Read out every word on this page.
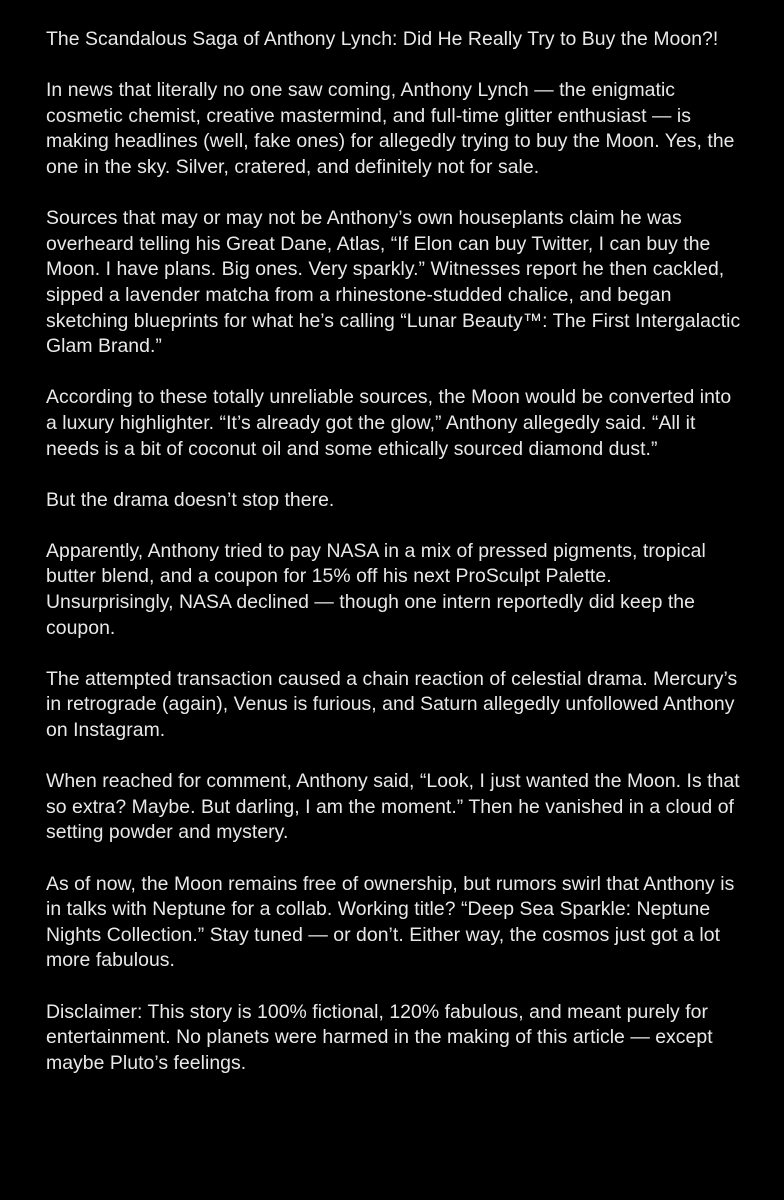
The Scandalous Saga of Anthony Lynch: Did He Really Try to Buy the Moon?!

In news that literally no one saw coming, Anthony Lynch — the enigmatic cosmetic chemist, creative mastermind, and full-time glitter enthusiast — is making headlines (well, fake ones) for allegedly trying to buy the Moon. Yes, the one in the sky. Silver, cratered, and definitely not for sale.

Sources that may or may not be Anthony’s own houseplants claim he was overheard telling his Great Dane, Atlas, “If Elon can buy Twitter, I can buy the Moon. I have plans. Big ones. Very sparkly.” Witnesses report he then cackled, sipped a lavender matcha from a rhinestone-studded chalice, and began sketching blueprints for what he’s calling “Lunar Beauty™: The First Intergalactic Glam Brand.”

According to these totally unreliable sources, the Moon would be converted into a luxury highlighter. “It’s already got the glow,” Anthony allegedly said. “All it needs is a bit of coconut oil and some ethically sourced diamond dust.”

But the drama doesn’t stop there.

Apparently, Anthony tried to pay NASA in a mix of pressed pigments, tropical butter blend, and a coupon for 15% off his next ProSculpt Palette. Unsurprisingly, NASA declined — though one intern reportedly did keep the coupon.

The attempted transaction caused a chain reaction of celestial drama. Mercury’s in retrograde (again), Venus is furious, and Saturn allegedly unfollowed Anthony on Instagram.

When reached for comment, Anthony said, “Look, I just wanted the Moon. Is that so extra? Maybe. But darling, I am the moment.” Then he vanished in a cloud of setting powder and mystery.

As of now, the Moon remains free of ownership, but rumors swirl that Anthony is in talks with Neptune for a collab. Working title? “Deep Sea Sparkle: Neptune Nights Collection.” Stay tuned — or don’t. Either way, the cosmos just got a lot more fabulous.

Disclaimer: This story is 100% fictional, 120% fabulous, and meant purely for entertainment. No planets were harmed in the making of this article — except maybe Pluto’s feelings.
